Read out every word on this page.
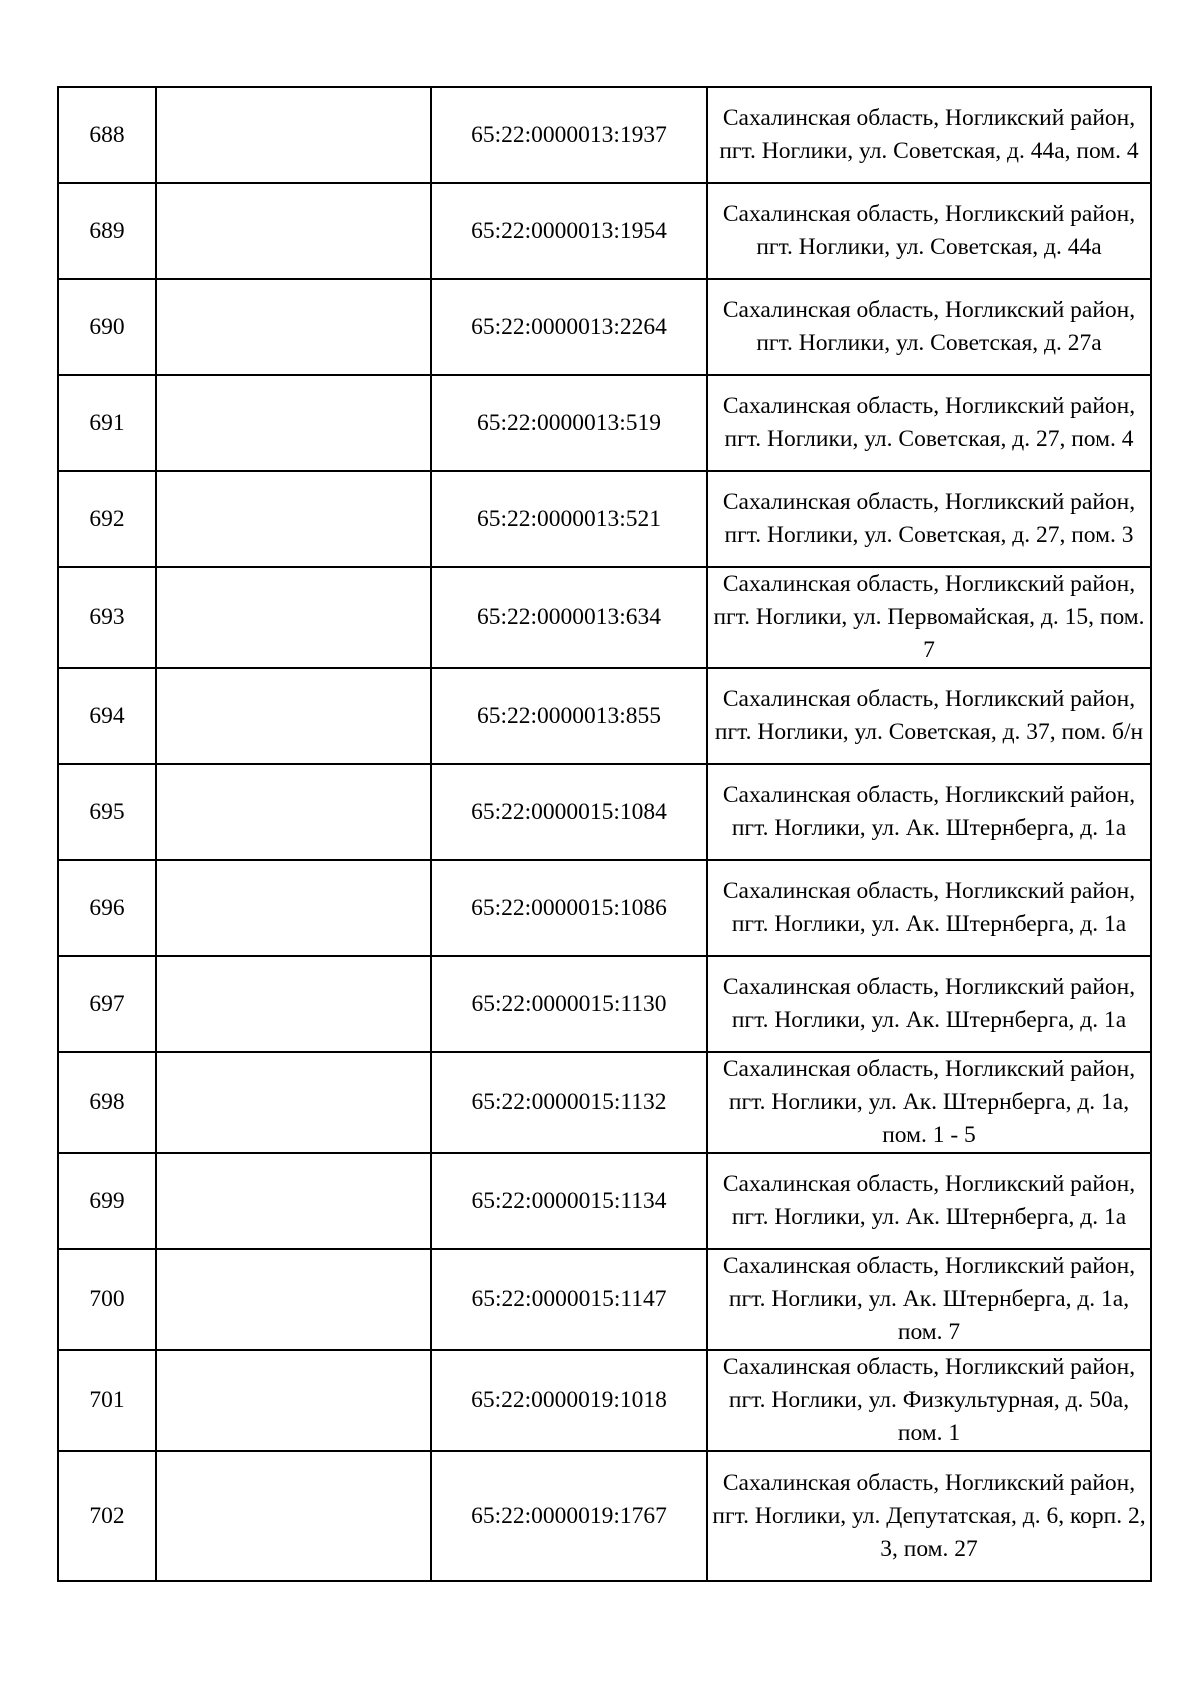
688		65:22:0000013:1937	Сахалинская область, Ногликский район, пгт. Ноглики, ул. Советская, д. 44а, пом. 4
689		65:22:0000013:1954	Сахалинская область, Ногликский район, пгт. Ноглики, ул. Советская, д. 44а
690		65:22:0000013:2264	Сахалинская область, Ногликский район, пгт. Ноглики, ул. Советская, д. 27а
691		65:22:0000013:519	Сахалинская область, Ногликский район, пгт. Ноглики, ул. Советская, д. 27, пом. 4
692		65:22:0000013:521	Сахалинская область, Ногликский район, пгт. Ноглики, ул. Советская, д. 27, пом. 3
693		65:22:0000013:634	Сахалинская область, Ногликский район, пгт. Ноглики, ул. Первомайская, д. 15, пом. 7
694		65:22:0000013:855	Сахалинская область, Ногликский район, пгт. Ноглики, ул. Советская, д. 37, пом. б/н
695		65:22:0000015:1084	Сахалинская область, Ногликский район, пгт. Ноглики, ул. Ак. Штернберга, д. 1а
696		65:22:0000015:1086	Сахалинская область, Ногликский район, пгт. Ноглики, ул. Ак. Штернберга, д. 1а
697		65:22:0000015:1130	Сахалинская область, Ногликский район, пгт. Ноглики, ул. Ак. Штернберга, д. 1а
698		65:22:0000015:1132	Сахалинская область, Ногликский район, пгт. Ноглики, ул. Ак. Штернберга, д. 1а, пом. 1 - 5
699		65:22:0000015:1134	Сахалинская область, Ногликский район, пгт. Ноглики, ул. Ак. Штернберга, д. 1а
700		65:22:0000015:1147	Сахалинская область, Ногликский район, пгт. Ноглики, ул. Ак. Штернберга, д. 1а, пом. 7
701		65:22:0000019:1018	Сахалинская область, Ногликский район, пгт. Ноглики, ул. Физкультурная, д. 50а, пом. 1
702		65:22:0000019:1767	Сахалинская область, Ногликский район, пгт. Ноглики, ул. Депутатская, д. 6, корп. 2, 3, пом. 27
